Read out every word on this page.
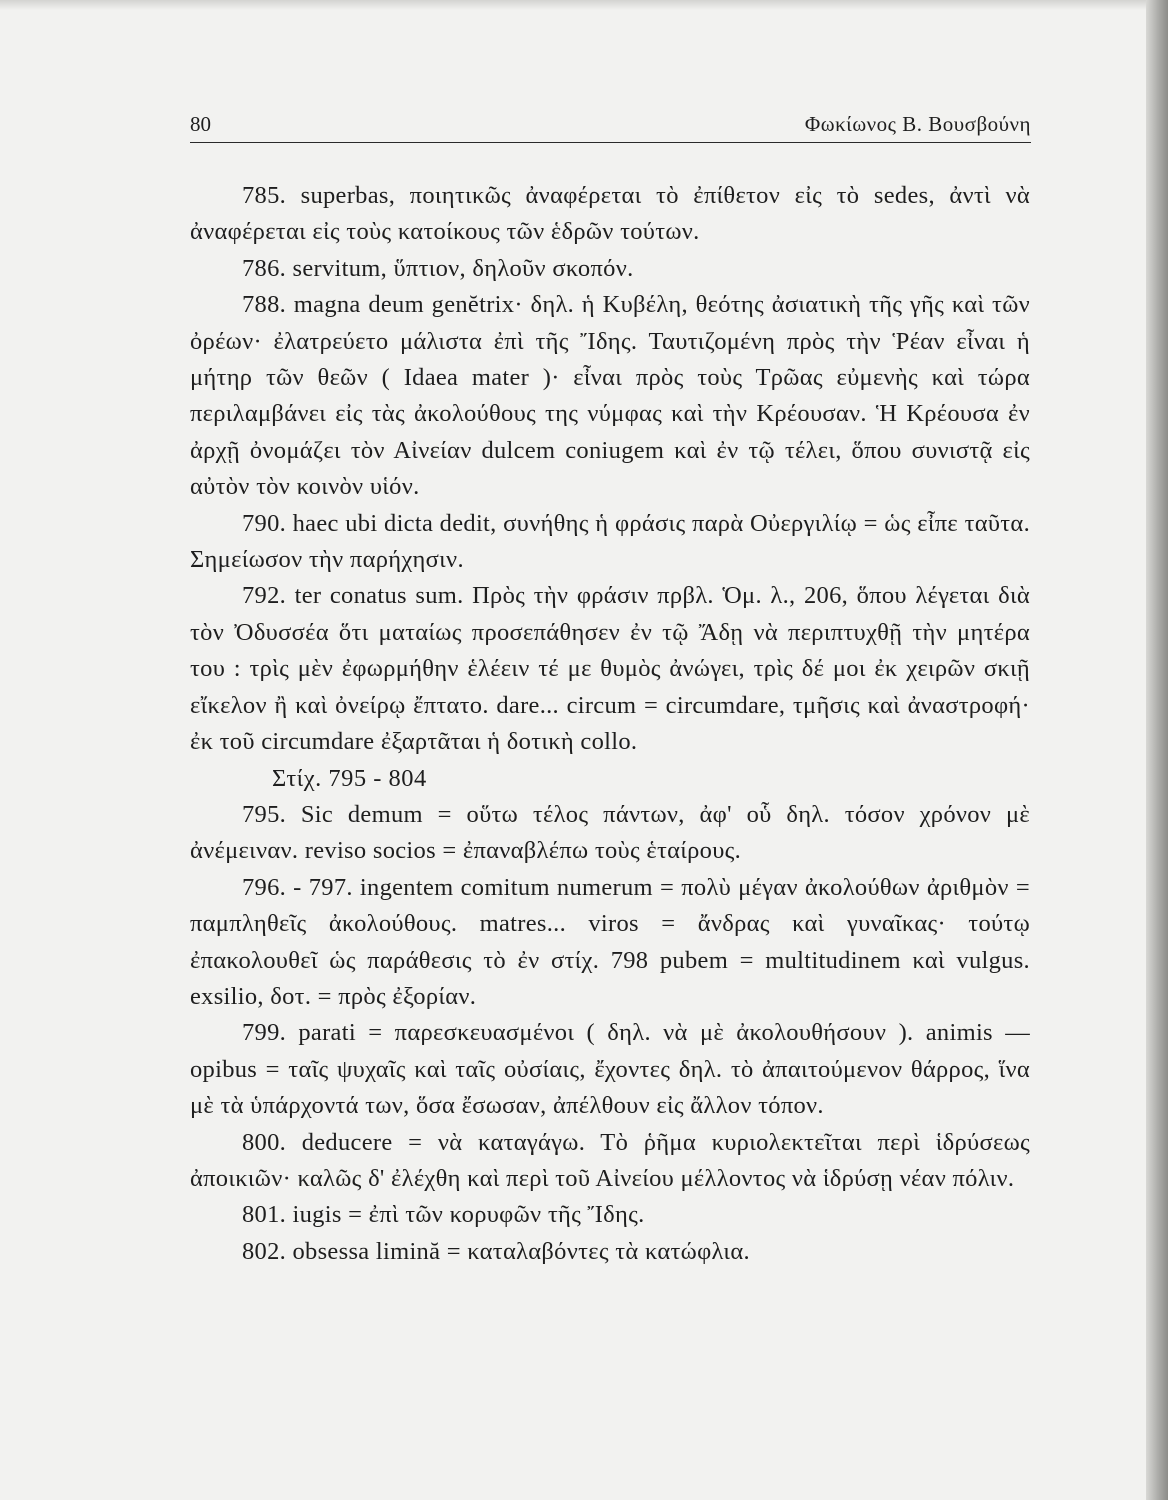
80	Φωκίωνος Β. Βουσβούνη

785. superbas, ποιητικῶς ἀναφέρεται τὸ ἐπίθετον εἰς τὸ sedes, ἀντὶ νὰ ἀναφέρεται εἰς τοὺς κατοίκους τῶν ἑδρῶν τούτων.

786. servitum, ὕπτιον, δηλοῦν σκοπόν.

788. magna deum genĕtrix· δηλ. ἡ Κυβέλη, θεότης ἀσιατικὴ τῆς γῆς καὶ τῶν ὀρέων· ἐλατρεύετο μάλιστα ἐπὶ τῆς Ἴδης. Ταυτιζομένη πρὸς τὴν Ῥέαν εἶναι ἡ μήτηρ τῶν θεῶν ( Idaea mater )· εἶναι πρὸς τοὺς Τρῶας εὐμενὴς καὶ τώρα περιλαμβάνει εἰς τὰς ἀκολούθους της νύμφας καὶ τὴν Κρέουσαν. Ἡ Κρέουσα ἐν ἀρχῇ ὀνομάζει τὸν Αἰνείαν dulcem coniugem καὶ ἐν τῷ τέλει, ὅπου συνιστᾷ εἰς αὐτὸν τὸν κοινὸν υἱόν.

790. haec ubi dicta dedit, συνήθης ἡ φράσις παρὰ Οὐεργιλίῳ = ὡς εἶπε ταῦτα. Σημείωσον τὴν παρήχησιν.

792. ter conatus sum. Πρὸς τὴν φράσιν πρβλ. Ὁμ. λ., 206, ὅπου λέγεται διὰ τὸν Ὀδυσσέα ὅτι ματαίως προσεπάθησεν ἐν τῷ Ἄδῃ νὰ περιπτυχθῇ τὴν μητέρα του : τρὶς μὲν ἐφωρμήθην ἑλέειν τέ με θυμὸς ἀνώγει, τρὶς δέ μοι ἐκ χειρῶν σκιῇ εἴκελον ἢ καὶ ὀνείρῳ ἔπτατο. dare... circum = circumdare, τμῆσις καὶ ἀναστροφή· ἐκ τοῦ circumdare ἐξαρτᾶται ἡ δοτικὴ collo.

Στίχ. 795 - 804

795. Sic demum = οὕτω τέλος πάντων, ἀφ' οὗ δηλ. τόσον χρόνον μὲ ἀνέμειναν. reviso socios = ἐπαναβλέπω τοὺς ἑταίρους.

796. - 797. ingentem comitum numerum = πολὺ μέγαν ἀκολούθων ἀριθμὸν = παμπληθεῖς ἀκολούθους. matres... viros = ἄνδρας καὶ γυναῖκας· τούτῳ ἐπακολουθεῖ ὡς παράθεσις τὸ ἐν στίχ. 798 pubem = multitudinem καὶ vulgus. exsilio, δοτ. = πρὸς ἐξορίαν.

799. parati = παρεσκευασμένοι ( δηλ. νὰ μὲ ἀκολουθήσουν ). animis — opibus = ταῖς ψυχαῖς καὶ ταῖς οὐσίαις, ἔχοντες δηλ. τὸ ἀπαιτούμενον θάρρος, ἵνα μὲ τὰ ὑπάρχοντά των, ὅσα ἔσωσαν, ἀπέλθουν εἰς ἄλλον τόπον.

800. deducere = νὰ καταγάγω. Τὸ ῥῆμα κυριολεκτεῖται περὶ ἱδρύσεως ἀποικιῶν· καλῶς δ' ἐλέχθη καὶ περὶ τοῦ Αἰνείου μέλλοντος νὰ ἱδρύσῃ νέαν πόλιν.

801. iugis = ἐπὶ τῶν κορυφῶν τῆς Ἴδης.

802. obsessa limină = καταλαβόντες τὰ κατώφλια.
